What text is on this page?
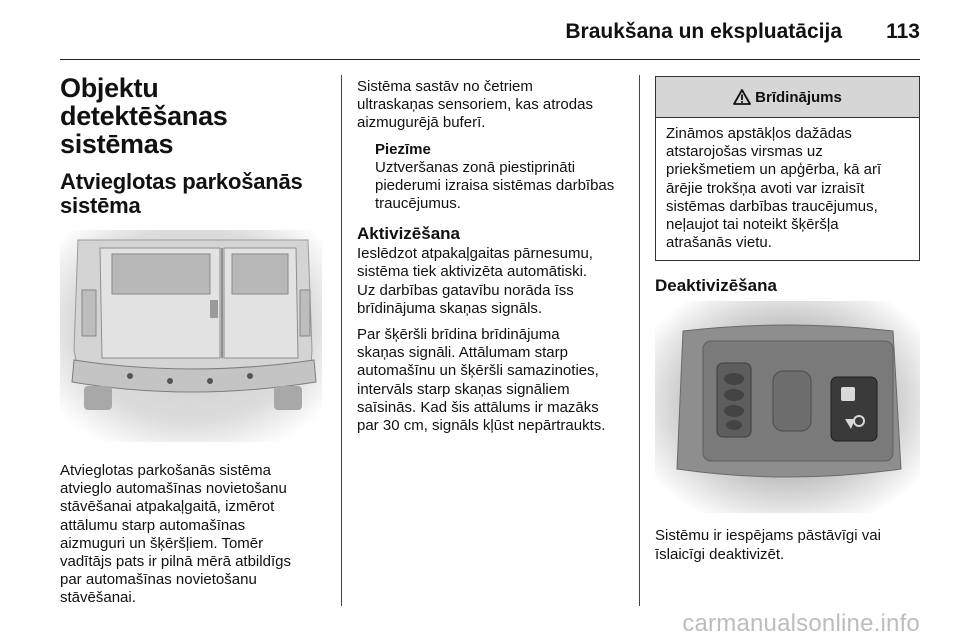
Braukšana un ekspluatācija 113
Objektu detektēšanas sistēmas
Atvieglotas parkošanās sistēma

Atvieglotas parkošanās sistēma
atvieglo automašīnas novietošanu
stāvēšanai atpakaļgaitā, izmērot
attālumu starp automašīnas
aizmuguri un šķēršļiem. Tomēr
vadītājs pats ir pilnā mērā atbildīgs
par automašīnas novietošanu
stāvēšanai.

Sistēma sastāv no četriem
ultraskaņas sensoriem, kas atrodas
aizmugurējā buferī.

Piezīme

Uztveršanas zonā piestiprināti
piederumi izraisa sistēmas darbības
traucējumus.

Aktivizēšana

Ieslēdzot atpakaļgaitas pārnesumu,
sistēma tiek aktivizēta automātiski.
Uz darbības gatavību norāda īss
brīdinājuma skaņas signāls.

Par šķēršli brīdina brīdinājuma
skaņas signāli. Attālumam starp
automašīnu un šķēršli samazinoties,
intervāls starp skaņas signāliem
saīsinās. Kad šis attālums ir mazāks
par 30 cm, signāls kļūst nepārtraukts.

Brīdinājums

Zināmos apstākļos dažādas
atstarojošas virsmas uz
priekšmetiem un apģērba, kā arī
ārējie trokšņa avoti var izraisīt
sistēmas darbības traucējumus,
neļaujot tai noteikt šķēršļa
atrašanās vietu.

Deaktivizēšana

Sistēmu ir iespējams pāstāvīgi vai
īslaicīgi deaktivizēt.

carmanualsonline.info
